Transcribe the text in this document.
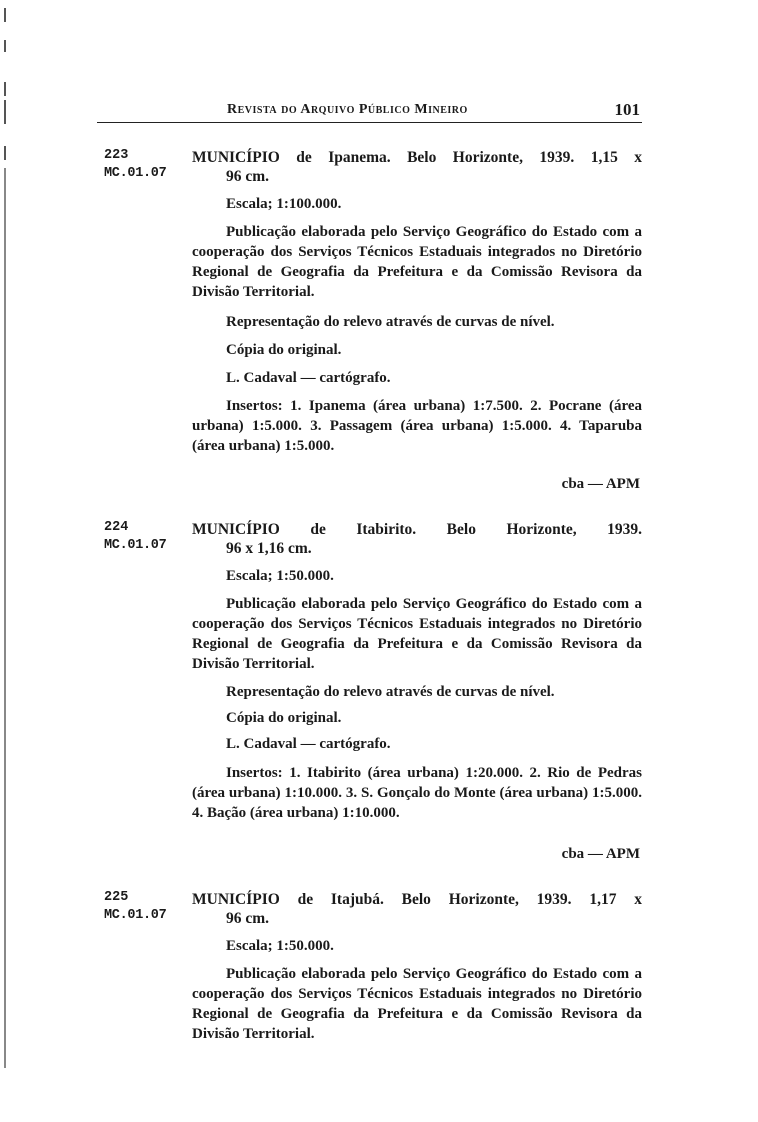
Revista do Arquivo Público Mineiro	101
223
MC.01.07
MUNICÍPIO de Ipanema. Belo Horizonte, 1939. 1,15 x
96 cm.
Escala; 1:100.000.
Publicação elaborada pelo Serviço Geográfico do Estado com a cooperação dos Serviços Técnicos Estaduais integrados no Diretório Regional de Geografia da Prefeitura e da Comissão Revisora da Divisão Territorial.
Representação do relevo através de curvas de nível.
Cópia do original.
L. Cadaval — cartógrafo.
Insertos: 1. Ipanema (área urbana) 1:7.500. 2. Pocrane (área urbana) 1:5.000. 3. Passagem (área urbana) 1:5.000. 4. Taparuba (área urbana) 1:5.000.
cba — APM
224
MC.01.07
MUNICÍPIO de Itabirito. Belo Horizonte, 1939.
96 x 1,16 cm.
Escala; 1:50.000.
Publicação elaborada pelo Serviço Geográfico do Estado com a cooperação dos Serviços Técnicos Estaduais integrados no Diretório Regional de Geografia da Prefeitura e da Comissão Revisora da Divisão Territorial.
Representação do relevo através de curvas de nível.
Cópia do original.
L. Cadaval — cartógrafo.
Insertos: 1. Itabirito (área urbana) 1:20.000. 2. Rio de Pedras (área urbana) 1:10.000. 3. S. Gonçalo do Monte (área urbana) 1:5.000. 4. Bação (área urbana) 1:10.000.
cba — APM
225
MC.01.07
MUNICÍPIO de Itajubá. Belo Horizonte, 1939. 1,17 x
96 cm.
Escala; 1:50.000.
Publicação elaborada pelo Serviço Geográfico do Estado com a cooperação dos Serviços Técnicos Estaduais integrados no Diretório Regional de Geografia da Prefeitura e da Comissão Revisora da Divisão Territorial.
